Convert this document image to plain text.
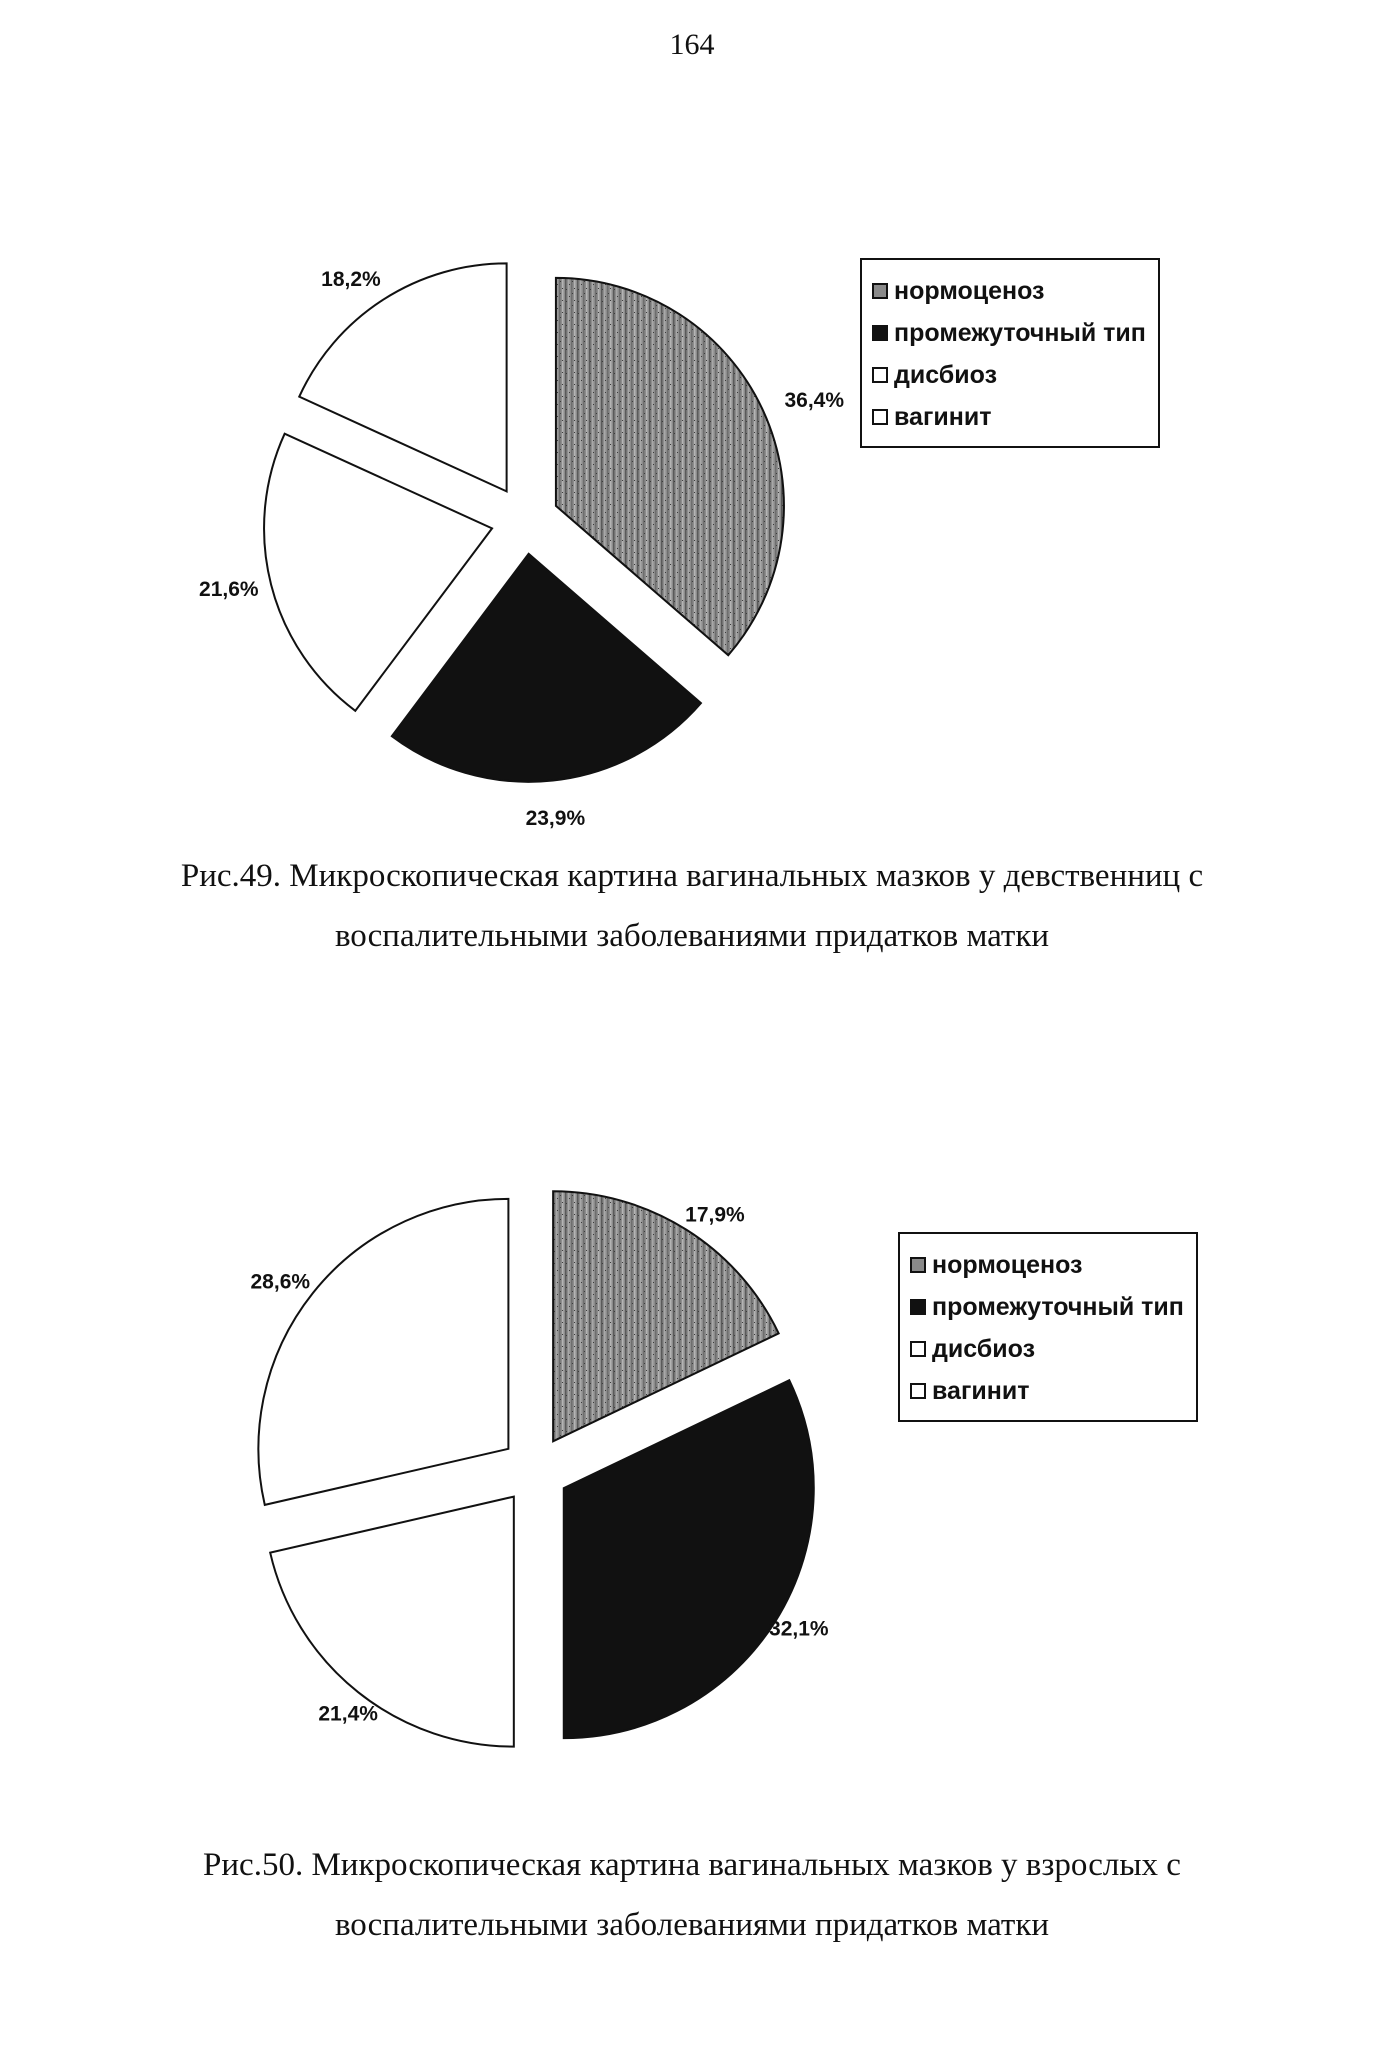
164
36,4%
23,9%
21,6%
18,2%	нормоценоз
промежуточный тип
дисбиоз
вагинит
Рис.49. Микроскопическая картина вагинальных мазков у девственниц с
воспалительными заболеваниями придатков матки
17,9%
32,1%
21,4%
28,6%
нормоценоз
промежуточный тип
дисбиоз
вагинит
Рис.50. Микроскопическая картина вагинальных мазков у взрослых с
воспалительными заболеваниями придатков матки
